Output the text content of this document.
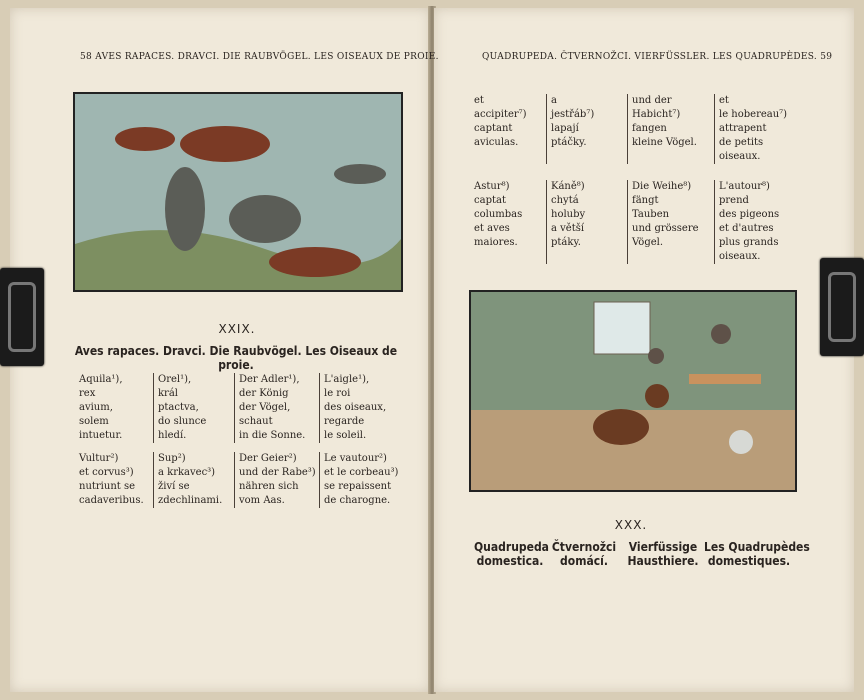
58 AVES RAPACES. DRAVCI. DIE RAUBVÖGEL. LES OISEAUX DE PROIE.	QUADRUPEDA. ČTVERNOŽCI. VIERFÜSSLER. LES QUADRUPÈDES. 59
XXIX.
Aves rapaces. Dravci. Die Raubvögel. Les Oiseaux de proie.
Aquila¹),
rex
avium,
solem
intuetur.
Orel¹),
král
ptactva,
do slunce
hledí.
Der Adler¹),
der König
der Vögel,
schaut
in die Sonne.
L'aigle¹),
le roi
des oiseaux,
regarde
le soleil.
Vultur²)
et corvus³)
nutriunt se
cadaveribus.
Sup²)
a krkavec³)
živí se
zdechlinami.
Der Geier²)
und der Rabe³)
nähren sich
vom Aas.
Le vautour²)
et le corbeau³)
se repaissent
de charogne.
et
accipiter⁷)
captant
aviculas.
a
jestřáb⁷)
lapají
ptáčky.
und der
Habicht⁷)
fangen
kleine Vögel.
et
le hobereau⁷)
attrapent
de petits
oiseaux.
Astur⁸)
captat
columbas
et aves
maiores.
Káně⁸)
chytá
holuby
a větší
ptáky.
Die Weihe⁸)
fängt
Tauben
und grössere
Vögel.
L'autour⁸)
prend
des pigeons
et d'autres
plus grands
oiseaux.
XXX.
Quadrupeda
domestica.
Čtvernožci
domácí.
Vierfüssige
Hausthiere.
Les Quadrupèdes
domestiques.
